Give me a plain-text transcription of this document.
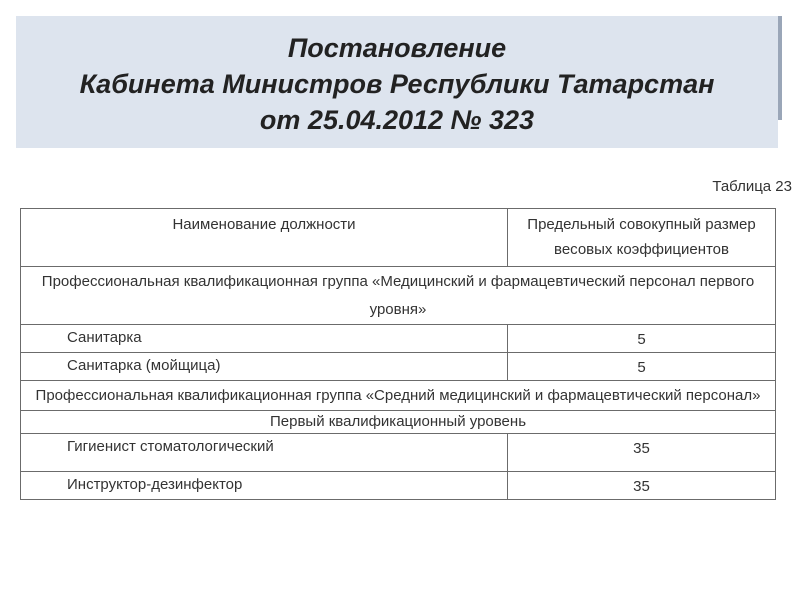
Постановление
Кабинета Министров Республики Татарстан
от 25.04.2012 № 323
Таблица 23
Наименование должности	Предельный совокупный размер весовых коэффициентов
Профессиональная квалификационная группа «Медицинский и фармацевтический персонал первого уровня»	
Санитарка	5
Санитарка (мойщица)	5
Профессиональная квалификационная группа «Средний медицинский и фармацевтический персонал»	
Первый квалификационный уровень	
Гигиенист стоматологический	35
Инструктор-дезинфектор	35
